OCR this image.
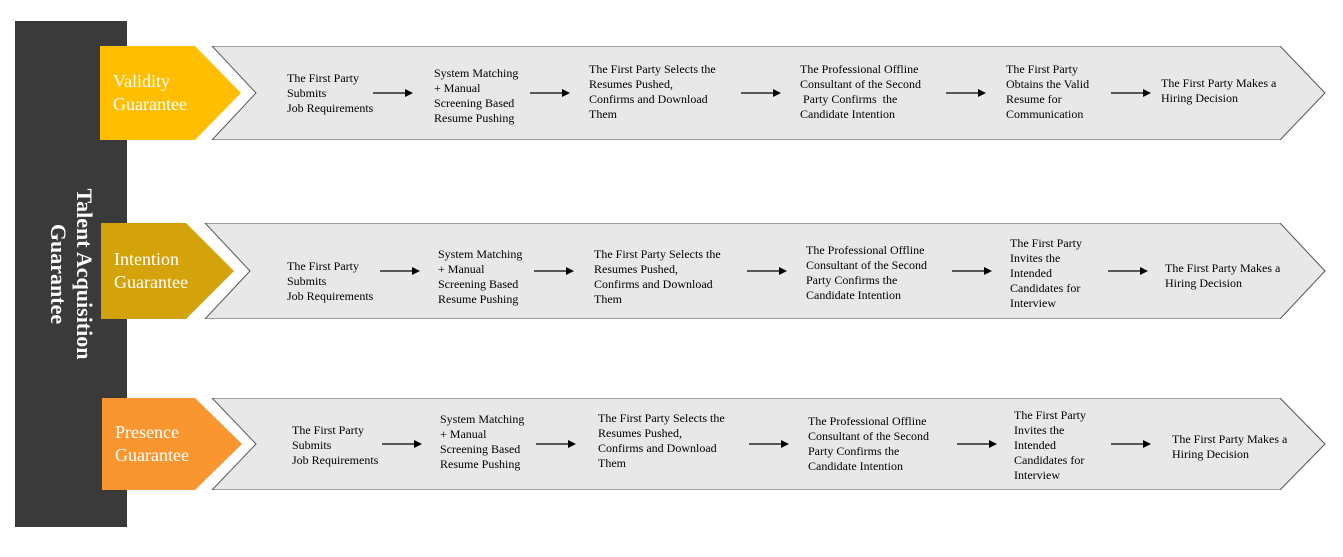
Talent Acquisition
Guarantee
Validity
Guarantee
The First Party
Submits
Job Requirements
System Matching
+ Manual
Screening Based
Resume Pushing
The First Party Selects the
Resumes Pushed,
Confirms and Download
Them
The Professional Offline
Consultant of the Second
Party Confirms  the
Candidate Intention
The First Party
Obtains the Valid
Resume for
Communication
The First Party Makes a
Hiring Decision
Intention
Guarantee
The First Party
Submits
Job Requirements
System Matching
+ Manual
Screening Based
Resume Pushing
The First Party Selects the
Resumes Pushed,
Confirms and Download
Them
The Professional Offline
Consultant of the Second
Party Confirms the
Candidate Intention
The First Party
Invites the
Intended
Candidates for
Interview
The First Party Makes a
Hiring Decision
Presence
Guarantee
The First Party
Submits
Job Requirements
System Matching
+ Manual
Screening Based
Resume Pushing
The First Party Selects the
Resumes Pushed,
Confirms and Download
Them
The Professional Offline
Consultant of the Second
Party Confirms the
Candidate Intention
The First Party
Invites the
Intended
Candidates for
Interview
The First Party Makes a
Hiring Decision
